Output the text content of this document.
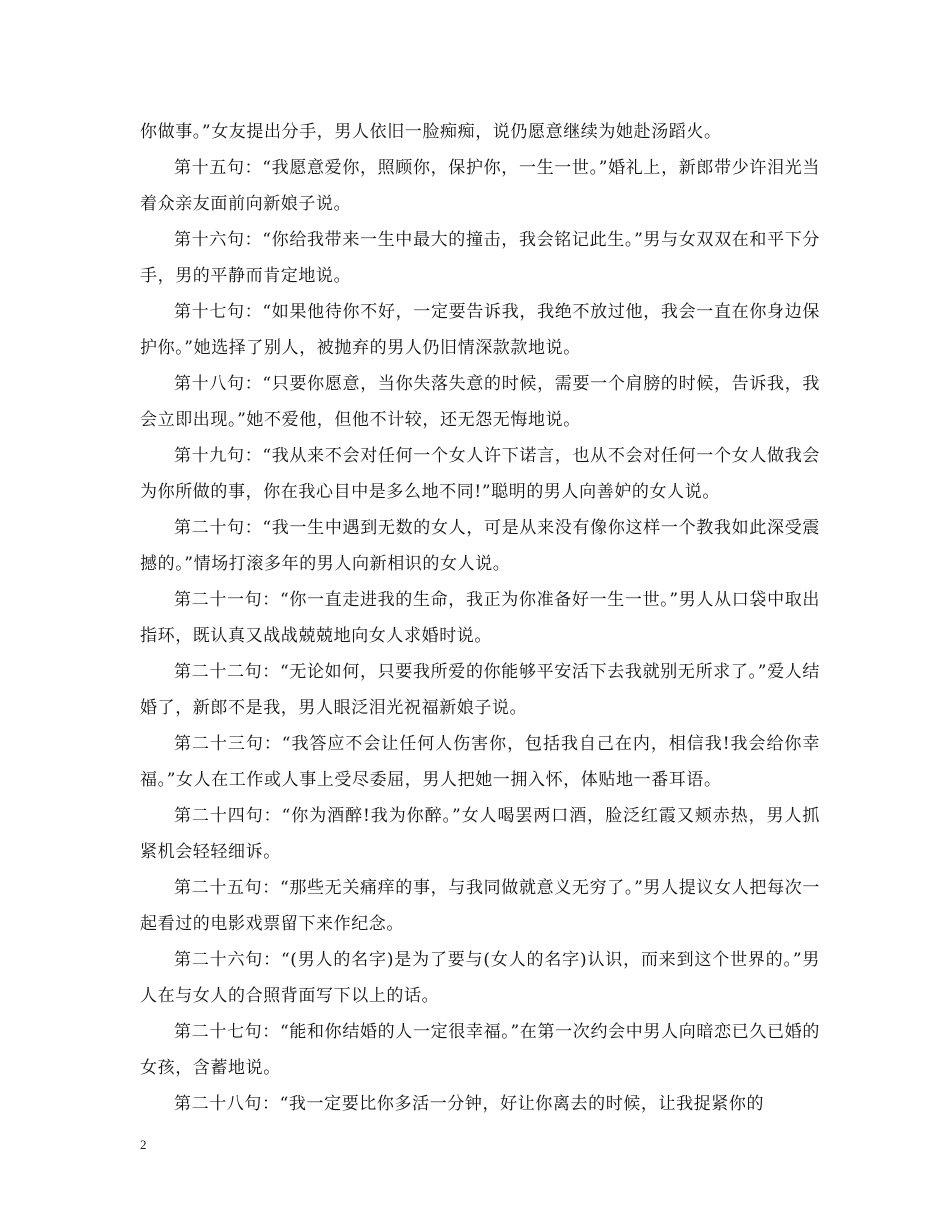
你做事。”女友提出分手，男人依旧一脸痴痴，说仍愿意继续为她赴汤蹈火。

第十五句：“我愿意爱你，照顾你，保护你，一生一世。”婚礼上，新郎带少许泪光当着众亲友面前向新娘子说。

第十六句：“你给我带来一生中最大的撞击，我会铭记此生。”男与女双双在和平下分手，男的平静而肯定地说。

第十七句：“如果他待你不好，一定要告诉我，我绝不放过他，我会一直在你身边保护你。”她选择了别人，被抛弃的男人仍旧情深款款地说。

第十八句：“只要你愿意，当你失落失意的时候，需要一个肩膀的时候，告诉我，我会立即出现。”她不爱他，但他不计较，还无怨无悔地说。

第十九句：“我从来不会对任何一个女人许下诺言，也从不会对任何一个女人做我会为你所做的事，你在我心目中是多么地不同!”聪明的男人向善妒的女人说。

第二十句：“我一生中遇到无数的女人，可是从来没有像你这样一个教我如此深受震撼的。”情场打滚多年的男人向新相识的女人说。

第二十一句：“你一直走进我的生命，我正为你准备好一生一世。”男人从口袋中取出指环，既认真又战战兢兢地向女人求婚时说。

第二十二句：“无论如何，只要我所爱的你能够平安活下去我就别无所求了。”爱人结婚了，新郎不是我，男人眼泛泪光祝福新娘子说。

第二十三句：“我答应不会让任何人伤害你，包括我自己在内，相信我!我会给你幸福。”女人在工作或人事上受尽委屈，男人把她一拥入怀，体贴地一番耳语。

第二十四句：“你为酒醉!我为你醉。”女人喝罢两口酒，脸泛红霞又颊赤热，男人抓紧机会轻轻细诉。

第二十五句：“那些无关痛痒的事，与我同做就意义无穷了。”男人提议女人把每次一起看过的电影戏票留下来作纪念。

第二十六句：“(男人的名字)是为了要与(女人的名字)认识，而来到这个世界的。”男人在与女人的合照背面写下以上的话。

第二十七句：“能和你结婚的人一定很幸福。”在第一次约会中男人向暗恋已久已婚的女孩，含蓄地说。

第二十八句：“我一定要比你多活一分钟，好让你离去的时候，让我捉紧你的

2
